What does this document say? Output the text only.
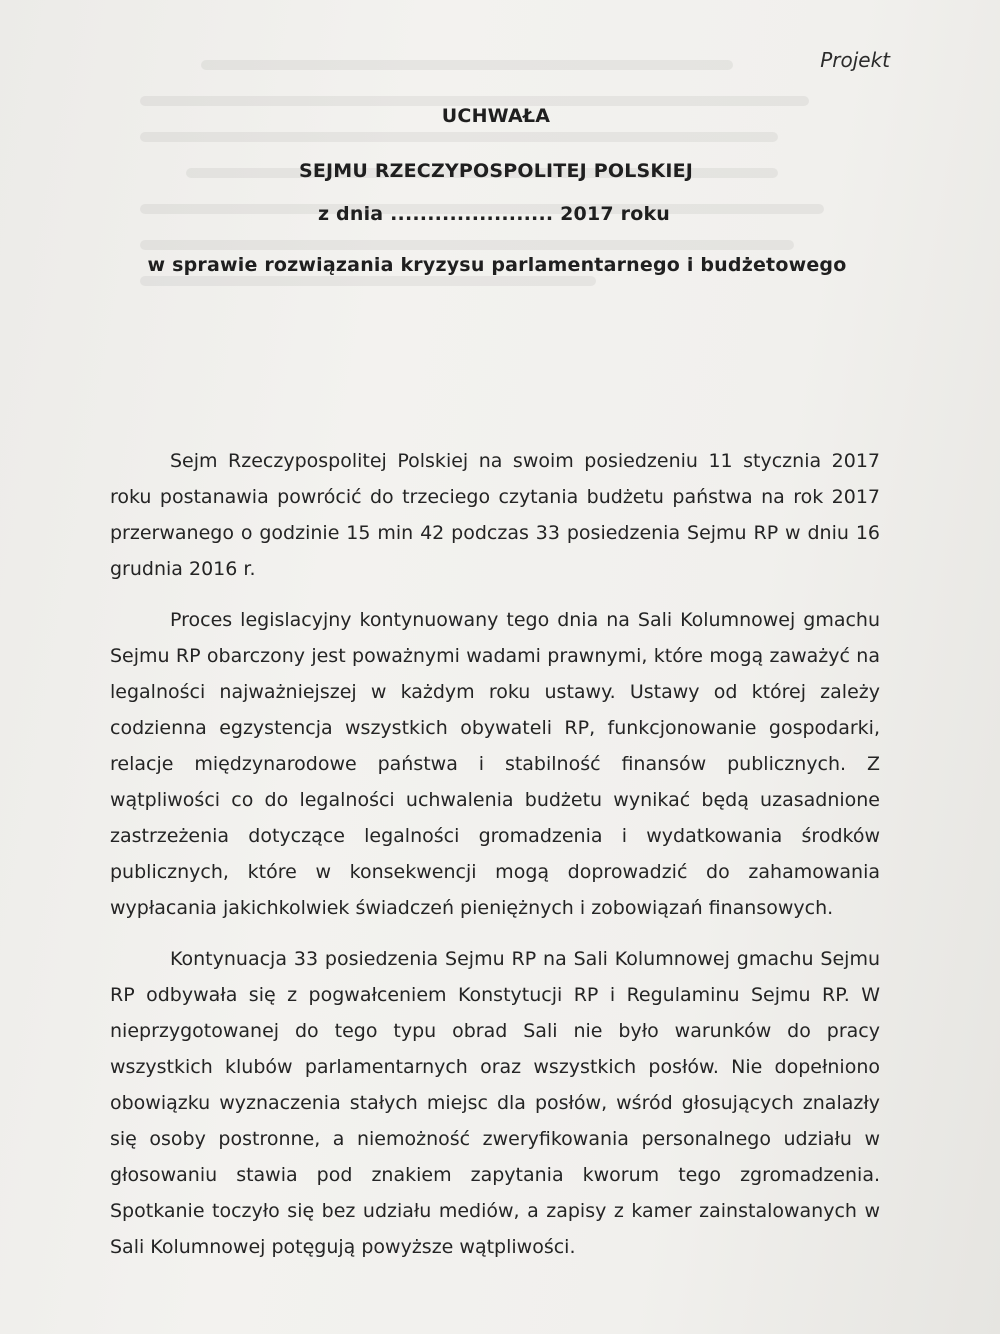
Projekt
UCHWAŁA
SEJMU RZECZYPOSPOLITEJ POLSKIEJ
z dnia ...................... 2017 roku
w sprawie rozwiązania kryzysu parlamentarnego i budżetowego

Sejm Rzeczypospolitej Polskiej na swoim posiedzeniu 11 stycznia 2017 roku postanawia powrócić do trzeciego czytania budżetu państwa na rok 2017 przerwanego o godzinie 15 min 42 podczas 33 posiedzenia Sejmu RP w dniu 16 grudnia 2016 r.

Proces legislacyjny kontynuowany tego dnia na Sali Kolumnowej gmachu Sejmu RP obarczony jest poważnymi wadami prawnymi, które mogą zaważyć na legalności najważniejszej w każdym roku ustawy. Ustawy od której zależy codzienna egzystencja wszystkich obywateli RP, funkcjonowanie gospodarki, relacje międzynarodowe państwa i stabilność finansów publicznych. Z wątpliwości co do legalności uchwalenia budżetu wynikać będą uzasadnione zastrzeżenia dotyczące legalności gromadzenia i wydatkowania środków publicznych, które w konsekwencji mogą doprowadzić do zahamowania wypłacania jakichkolwiek świadczeń pieniężnych i zobowiązań finansowych.

Kontynuacja 33 posiedzenia Sejmu RP na Sali Kolumnowej gmachu Sejmu RP odbywała się z pogwałceniem Konstytucji RP i Regulaminu Sejmu RP. W nieprzygotowanej do tego typu obrad Sali nie było warunków do pracy wszystkich klubów parlamentarnych oraz wszystkich posłów. Nie dopełniono obowiązku wyznaczenia stałych miejsc dla posłów, wśród głosujących znalazły się osoby postronne, a niemożność zweryfikowania personalnego udziału w głosowaniu stawia pod znakiem zapytania kworum tego zgromadzenia. Spotkanie toczyło się bez udziału mediów, a zapisy z kamer zainstalowanych w Sali Kolumnowej potęgują powyższe wątpliwości.
